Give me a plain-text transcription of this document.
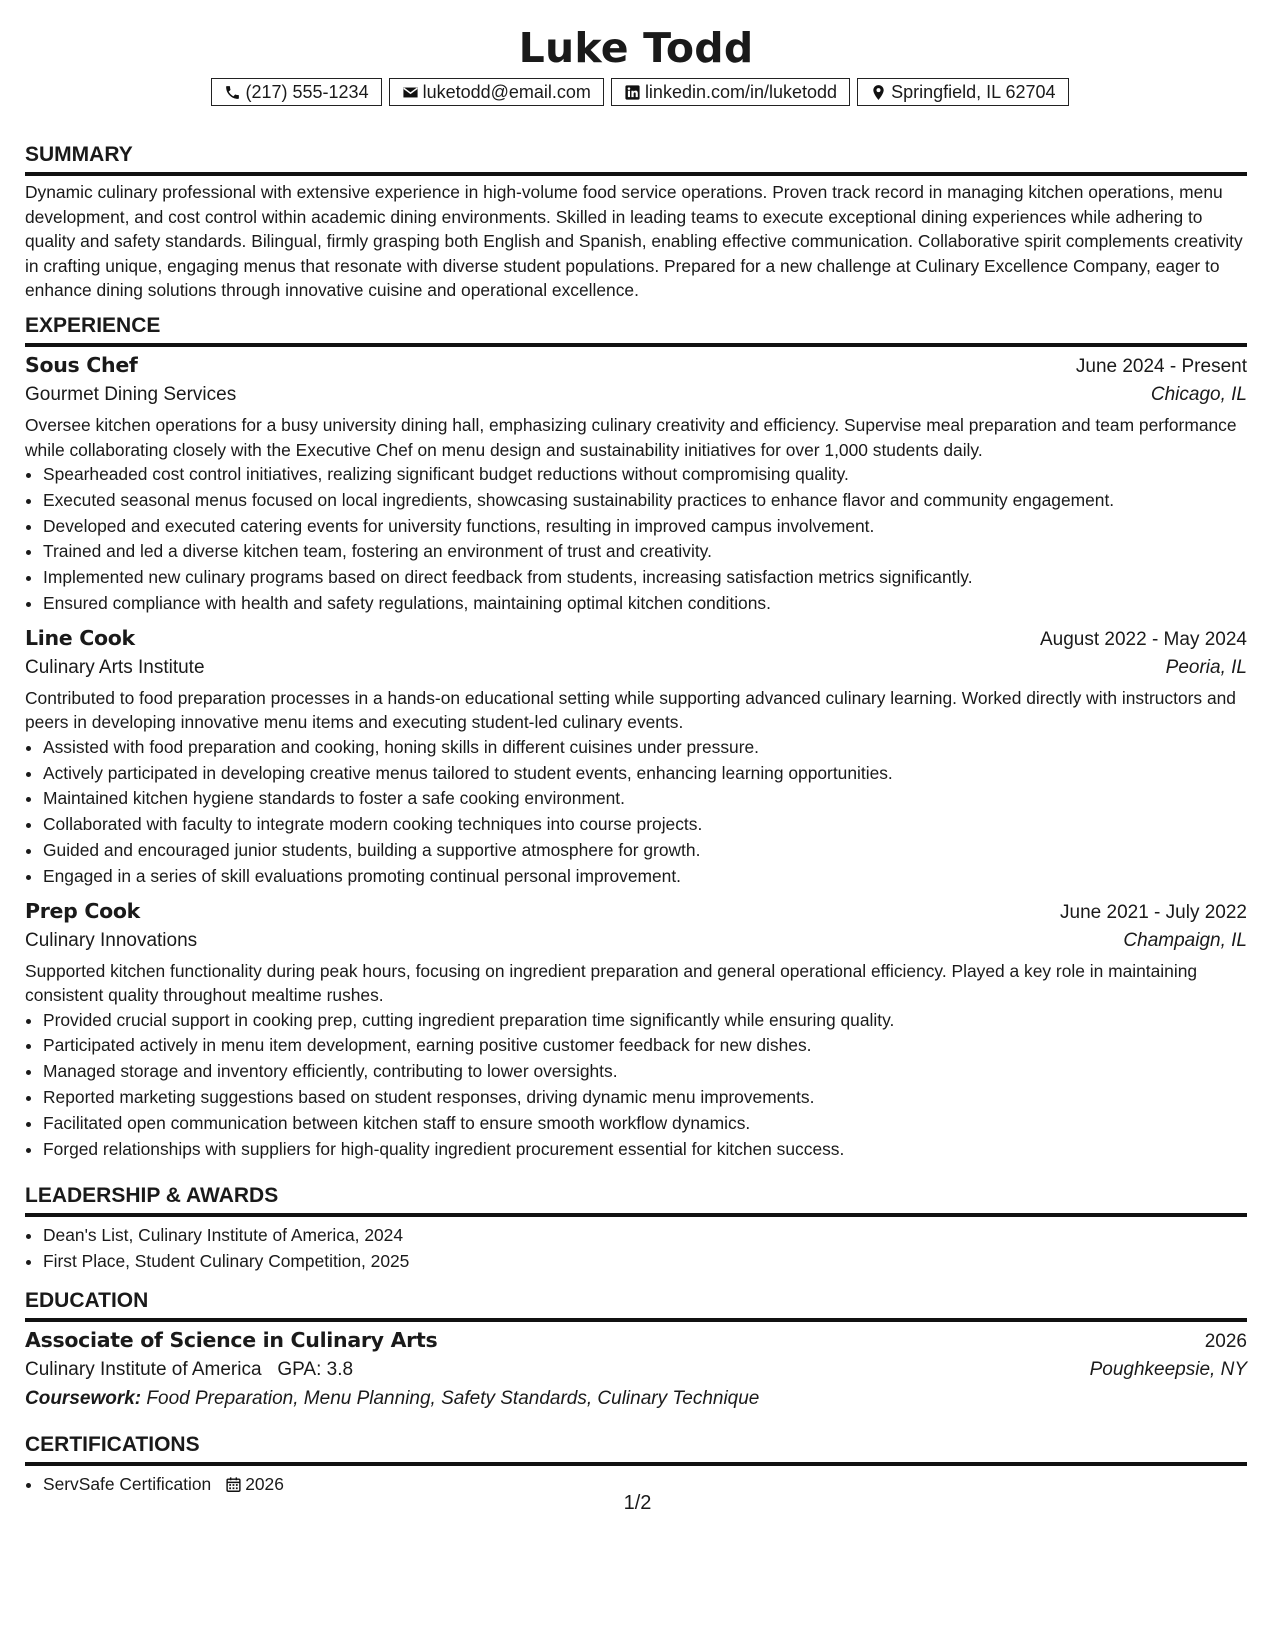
Luke Todd
(217) 555-1234	luketodd@email.com	linkedin.com/in/luketodd	Springfield, IL 62704
SUMMARY

Dynamic culinary professional with extensive experience in high-volume food service operations. Proven track record in managing kitchen operations, menu development, and cost control within academic dining environments. Skilled in leading teams to execute exceptional dining experiences while adhering to quality and safety standards. Bilingual, firmly grasping both English and Spanish, enabling effective communication. Collaborative spirit complements creativity in crafting unique, engaging menus that resonate with diverse student populations. Prepared for a new challenge at Culinary Excellence Company, eager to enhance dining solutions through innovative cuisine and operational excellence.

EXPERIENCE
Sous Chef	June 2024 - Present
Gourmet Dining Services	Chicago, IL

Oversee kitchen operations for a busy university dining hall, emphasizing culinary creativity and efficiency. Supervise meal preparation and team performance while collaborating closely with the Executive Chef on menu design and sustainability initiatives for over 1,000 students daily.

• Spearheaded cost control initiatives, realizing significant budget reductions without compromising quality.
• Executed seasonal menus focused on local ingredients, showcasing sustainability practices to enhance flavor and community engagement.
• Developed and executed catering events for university functions, resulting in improved campus involvement.
• Trained and led a diverse kitchen team, fostering an environment of trust and creativity.
• Implemented new culinary programs based on direct feedback from students, increasing satisfaction metrics significantly.
• Ensured compliance with health and safety regulations, maintaining optimal kitchen conditions.
Line Cook	August 2022 - May 2024
Culinary Arts Institute	Peoria, IL

Contributed to food preparation processes in a hands-on educational setting while supporting advanced culinary learning. Worked directly with instructors and peers in developing innovative menu items and executing student-led culinary events.

• Assisted with food preparation and cooking, honing skills in different cuisines under pressure.
• Actively participated in developing creative menus tailored to student events, enhancing learning opportunities.
• Maintained kitchen hygiene standards to foster a safe cooking environment.
• Collaborated with faculty to integrate modern cooking techniques into course projects.
• Guided and encouraged junior students, building a supportive atmosphere for growth.
• Engaged in a series of skill evaluations promoting continual personal improvement.
Prep Cook	June 2021 - July 2022
Culinary Innovations	Champaign, IL

Supported kitchen functionality during peak hours, focusing on ingredient preparation and general operational efficiency. Played a key role in maintaining consistent quality throughout mealtime rushes.

• Provided crucial support in cooking prep, cutting ingredient preparation time significantly while ensuring quality.
• Participated actively in menu item development, earning positive customer feedback for new dishes.
• Managed storage and inventory efficiently, contributing to lower oversights.
• Reported marketing suggestions based on student responses, driving dynamic menu improvements.
• Facilitated open communication between kitchen staff to ensure smooth workflow dynamics.
• Forged relationships with suppliers for high-quality ingredient procurement essential for kitchen success.
LEADERSHIP & AWARDS
• Dean's List, Culinary Institute of America, 2024
• First Place, Student Culinary Competition, 2025
EDUCATION
Associate of Science in Culinary Arts	2026
Culinary Institute of America GPA: 3.8	Poughkeepsie, NY
Coursework: Food Preparation, Menu Planning, Safety Standards, Culinary Technique
CERTIFICATIONS
• ServSafe Certification 2026
1/2
